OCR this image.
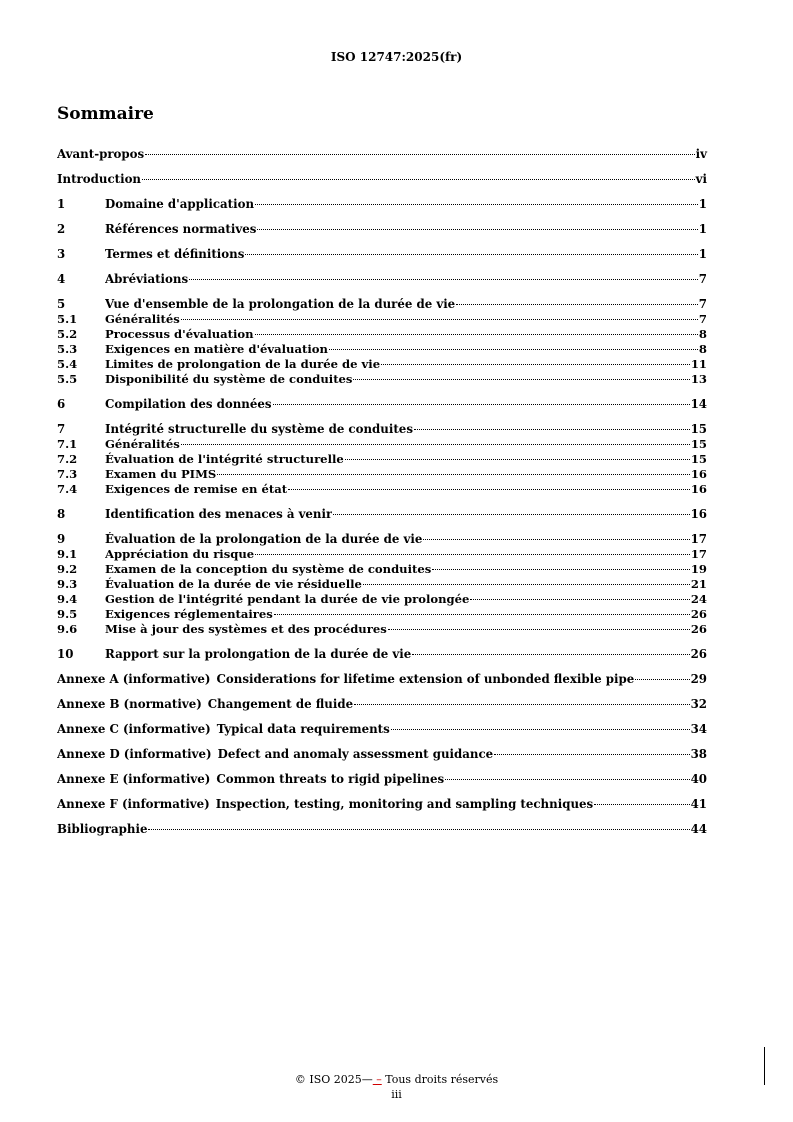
ISO 12747:2025(fr)
Sommaire
Avant-propos	iv
Introduction	vi
1	Domaine d'application	1
2	Références normatives	1
3	Termes et définitions	1
4	Abréviations	7
5	Vue d'ensemble de la prolongation de la durée de vie	7
5.1	Généralités	7
5.2	Processus d'évaluation	8
5.3	Exigences en matière d'évaluation	8
5.4	Limites de prolongation de la durée de vie	11
5.5	Disponibilité du système de conduites	13
6	Compilation des données	14
7	Intégrité structurelle du système de conduites	15
7.1	Généralités	15
7.2	Évaluation de l'intégrité structurelle	15
7.3	Examen du PIMS	16
7.4	Exigences de remise en état	16
8	Identification des menaces à venir	16
9	Évaluation de la prolongation de la durée de vie	17
9.1	Appréciation du risque	17
9.2	Examen de la conception du système de conduites	19
9.3	Évaluation de la durée de vie résiduelle	21
9.4	Gestion de l'intégrité pendant la durée de vie prolongée	24
9.5	Exigences réglementaires	26
9.6	Mise à jour des systèmes et des procédures	26
10	Rapport sur la prolongation de la durée de vie	26
Annexe A (informative) Considerations for lifetime extension of unbonded flexible pipe	29
Annexe B (normative) Changement de fluide	32
Annexe C (informative) Typical data requirements	34
Annexe D (informative) Defect and anomaly assessment guidance	38
Annexe E (informative) Common threats to rigid pipelines	40
Annexe F (informative) Inspection, testing, monitoring and sampling techniques	41
Bibliographie	44
© ISO 2025— – Tous droits réservés
iii
